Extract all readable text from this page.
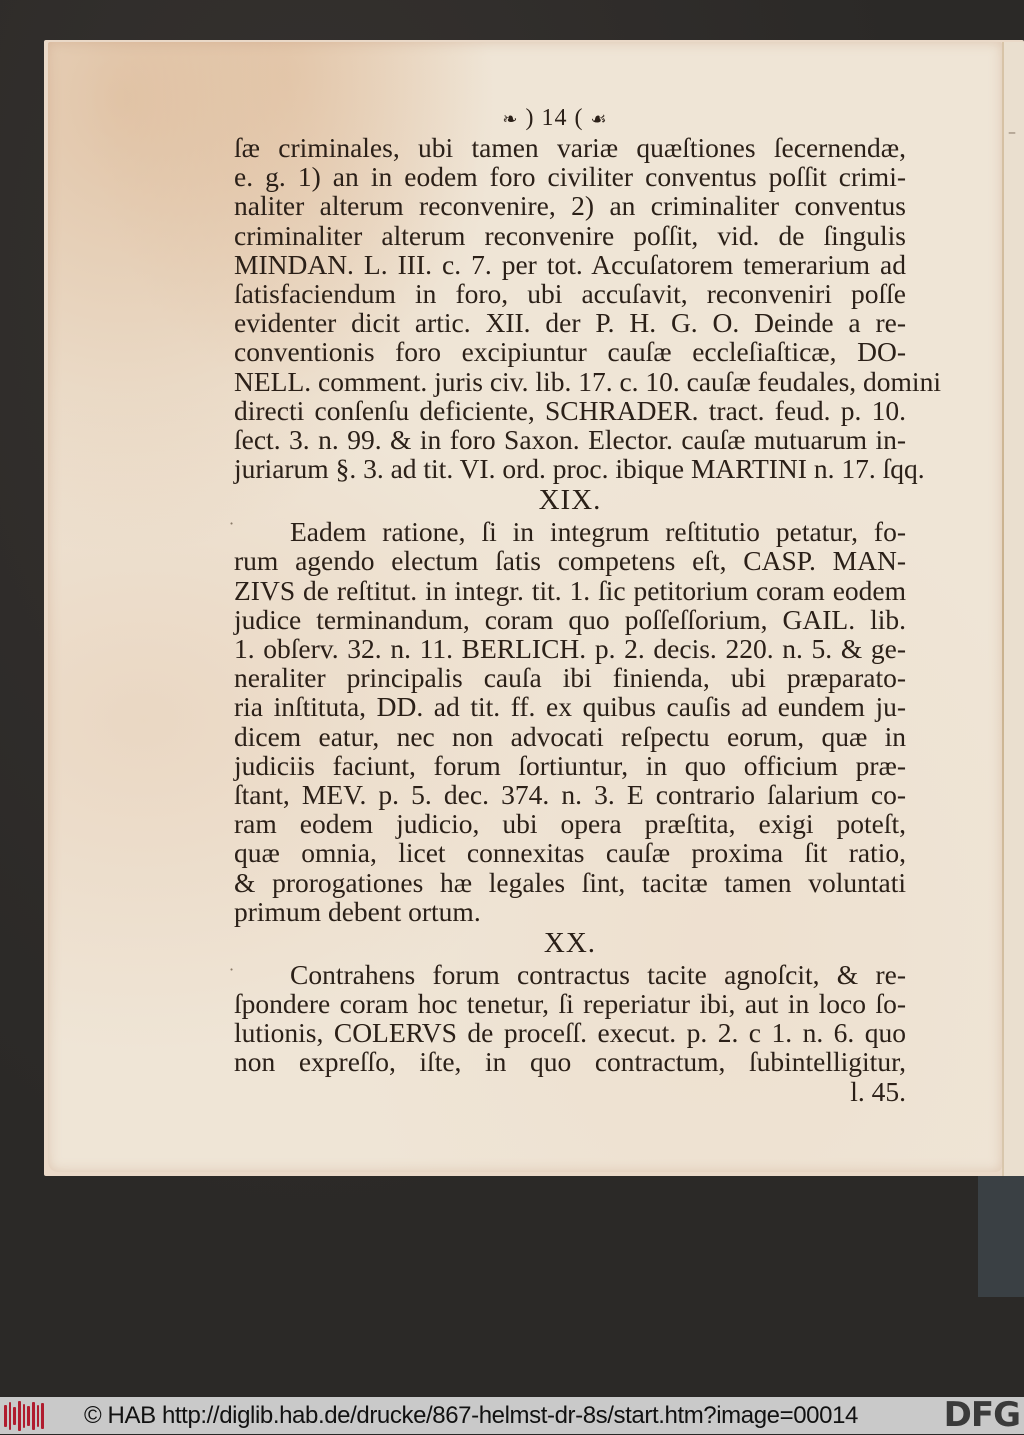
–
·
·
❧ ) 14 ( ☙
ſæ criminales, ubi tamen variæ quæſtiones ſecernendæ,
e. g. 1) an in eodem foro civiliter conventus poſſit crimi-
naliter alterum reconvenire, 2) an criminaliter conventus
criminaliter alterum reconvenire poſſit, vid. de ſingulis
MINDAN. L. III. c. 7. per tot. Accuſatorem temerarium ad
ſatisfaciendum in foro, ubi accuſavit, reconveniri poſſe
evidenter dicit artic. XII. der P. H. G. O. Deinde a re-
conventionis foro excipiuntur cauſæ eccleſiaſticæ, DO-
NELL. comment. juris civ. lib. 17. c. 10. cauſæ feudales, domini
directi conſenſu deficiente, SCHRADER. tract. feud. p. 10.
ſect. 3. n. 99. & in foro Saxon. Elector. cauſæ mutuarum in-
juriarum §. 3. ad tit. VI. ord. proc. ibique MARTINI n. 17. ſqq.
XIX.
Eadem ratione, ſi in integrum reſtitutio petatur, fo-
rum agendo electum ſatis competens eſt, CASP. MAN-
ZIVS de reſtitut. in integr. tit. 1. ſic petitorium coram eodem
judice terminandum, coram quo poſſeſſorium, GAIL. lib.
1. obſerv. 32. n. 11. BERLICH. p. 2. decis. 220. n. 5. & ge-
neraliter principalis cauſa ibi finienda, ubi præparato-
ria inſtituta, DD. ad tit. ff. ex quibus cauſis ad eundem ju-
dicem eatur, nec non advocati reſpectu eorum, quæ in
judiciis faciunt, forum ſortiuntur, in quo officium præ-
ſtant, MEV. p. 5. dec. 374. n. 3. E contrario ſalarium co-
ram eodem judicio, ubi opera præſtita, exigi poteſt,
quæ omnia, licet connexitas cauſæ proxima ſit ratio,
& prorogationes hæ legales ſint, tacitæ tamen voluntati
primum debent ortum.
XX.
Contrahens forum contractus tacite agnoſcit, & re-
ſpondere coram hoc tenetur, ſi reperiatur ibi, aut in loco ſo-
lutionis, COLERVS de proceſſ. execut. p. 2. c 1. n. 6. quo
non expreſſo, iſte, in quo contractum, ſubintelligitur,
l. 45.
© HAB http://diglib.hab.de/drucke/867-helmst-dr-8s/start.htm?image=00014	DFG
